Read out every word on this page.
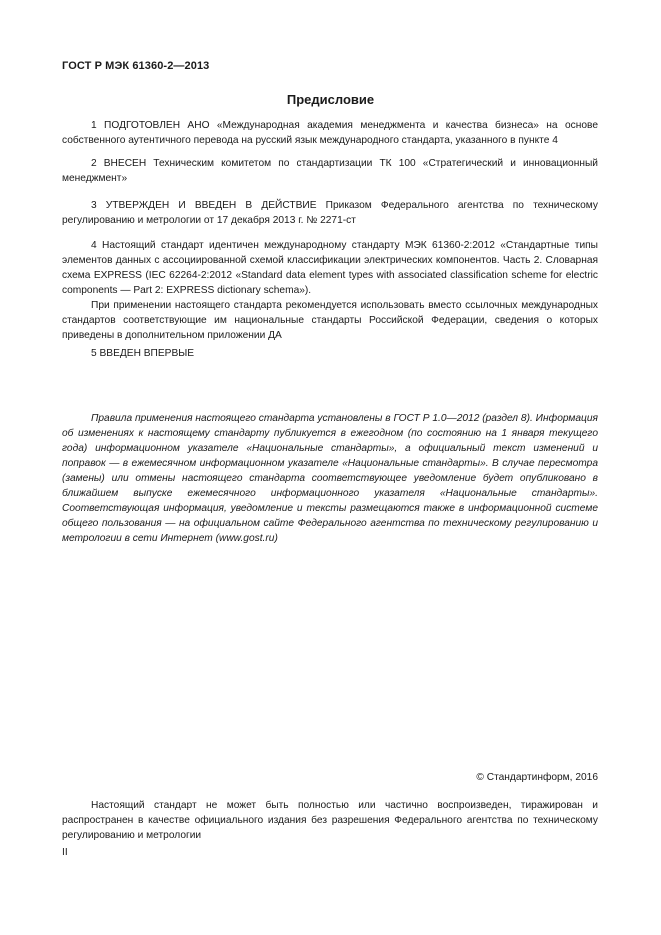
ГОСТ Р МЭК 61360-2—2013
Предисловие

1 ПОДГОТОВЛЕН АНО «Международная академия менеджмента и качества бизнеса» на основе собственного аутентичного перевода на русский язык международного стандарта, указанного в пункте 4

2 ВНЕСЕН Техническим комитетом по стандартизации ТК 100 «Стратегический и инновационный менеджмент»

3 УТВЕРЖДЕН И ВВЕДЕН В ДЕЙСТВИЕ Приказом Федерального агентства по техническому регулированию и метрологии от 17 декабря 2013 г. № 2271-ст

4 Настоящий стандарт идентичен международному стандарту МЭК 61360-2:2012 «Стандартные типы элементов данных с ассоциированной схемой классификации электрических компонентов. Часть 2. Словарная схема EXPRESS (IEC 62264-2:2012 «Standard data element types with associated classification scheme for electric components — Part 2: EXPRESS dictionary schema»).

При применении настоящего стандарта рекомендуется использовать вместо ссылочных международных стандартов соответствующие им национальные стандарты Российской Федерации, сведения о которых приведены в дополнительном приложении ДА

5 ВВЕДЕН ВПЕРВЫЕ

Правила применения настоящего стандарта установлены в ГОСТ Р 1.0—2012 (раздел 8). Информация об изменениях к настоящему стандарту публикуется в ежегодном (по состоянию на 1 января текущего года) информационном указателе «Национальные стандарты», а официальный текст изменений и поправок — в ежемесячном информационном указателе «Национальные стандарты». В случае пересмотра (замены) или отмены настоящего стандарта соответствующее уведомление будет опубликовано в ближайшем выпуске ежемесячного информационного указателя «Национальные стандарты». Соответствующая информация, уведомление и тексты размещаются также в информационной системе общего пользования — на официальном сайте Федерального агентства по техническому регулированию и метрологии в сети Интернет (www.gost.ru)

© Стандартинформ, 2016

Настоящий стандарт не может быть полностью или частично воспроизведен, тиражирован и распространен в качестве официального издания без разрешения Федерального агентства по техническому регулированию и метрологии

II
